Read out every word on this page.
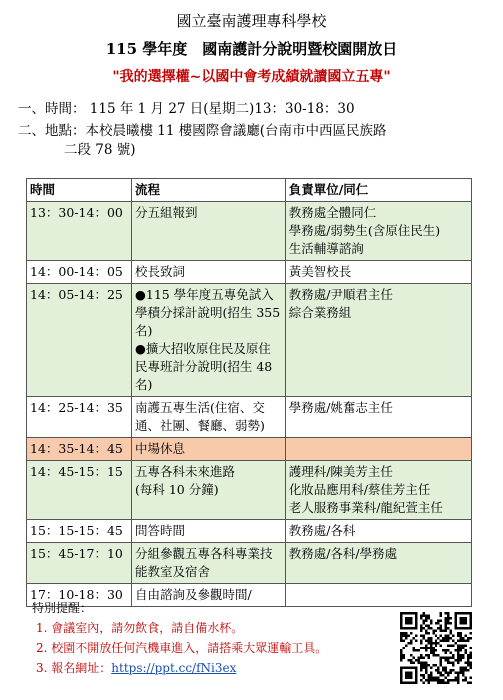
國立臺南護理專科學校
115 學年度　國南護計分說明暨校園開放日
"我的選擇權~以國中會考成績就讀國立五專"
一、時間： 115 年 1 月 27 日(星期二)13：30-18：30
二、地點：本校晨曦樓 11 樓國際會議廳(台南市中西區民族路
二段 78 號)
時間	流程	負責單位/同仁
13：30-14：00	分五組報到	教務處全體同仁
學務處/弱勢生(含原住民生)
生活輔導諮詢

14：00-14：05	校長致詞	黃美智校長

14：05-14：25	●115 學年度五專免試入學積分採計說明(招生 355 名)
●擴大招收原住民及原住民專班計分說明(招生 48 名)	教務處/尹順君主任
綜合業務組

14：25-14：35	南護五專生活(住宿、交通、社團、餐廳、弱勢)	學務處/姚奮志主任

14：35-14：45	中場休息	

14：45-15：15	五專各科未來進路
(每科 10 分鐘)	護理科/陳美芳主任
化妝品應用科/蔡佳芳主任
老人服務事業科/龍紀萱主任

15：15-15：45	問答時間	教務處/各科

15：45-17：10	分組參觀五專各科專業技能教室及宿舍	教務處/各科/學務處

17：10-18：30	自由諮詢及參觀時間/	

特別提醒：
1. 會議室內，請勿飲食，請自備水杯。
2. 校園不開放任何汽機車進入，請搭乘大眾運輸工具。
3. 報名網址：https://ppt.cc/fNi3ex
